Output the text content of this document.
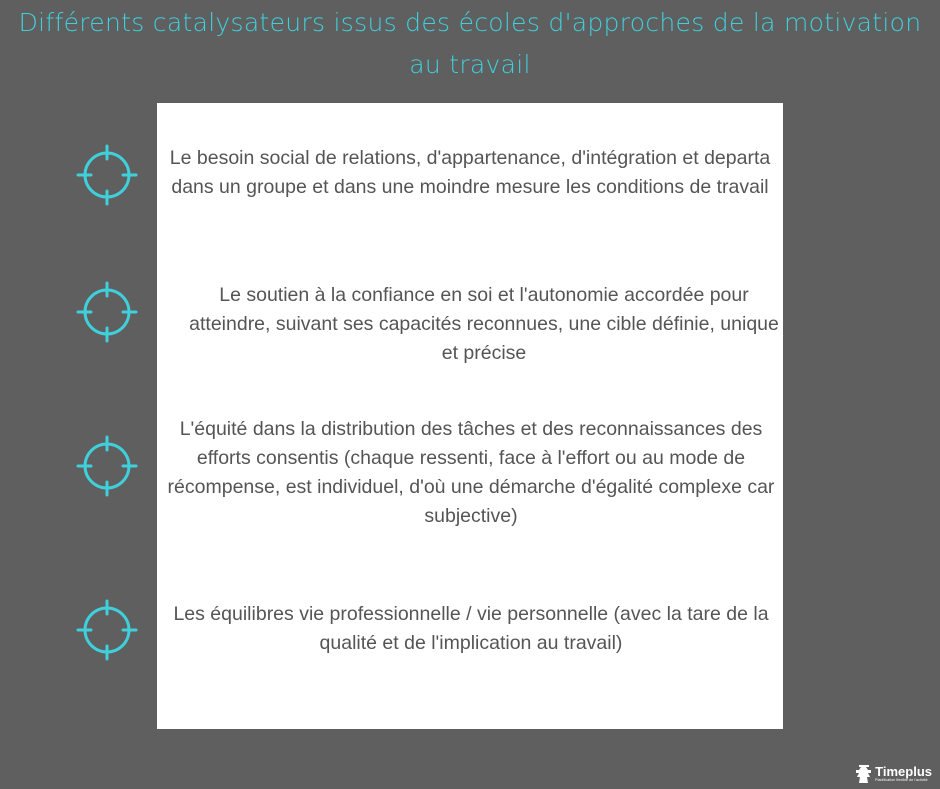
Différents catalysateurs issus des écoles d'approches de la motivation au travail
Le besoin social de relations, d'appartenance, d'intégration et departa dans un groupe et dans une moindre mesure les conditions de travail
Le soutien à la confiance en soi et l'autonomie accordée pour atteindre, suivant ses capacités reconnues, une cible définie, unique et précise
L'équité dans la distribution des tâches et des reconnaissances des efforts consentis (chaque ressenti, face à l'effort ou au mode de récompense, est individuel, d'où une démarche d'égalité complexe car subjective)
Les équilibres vie professionnelle / vie personnelle (avec la tare de la qualité et de l'implication au travail)
Timeplus
Planification flexible de l'activité
